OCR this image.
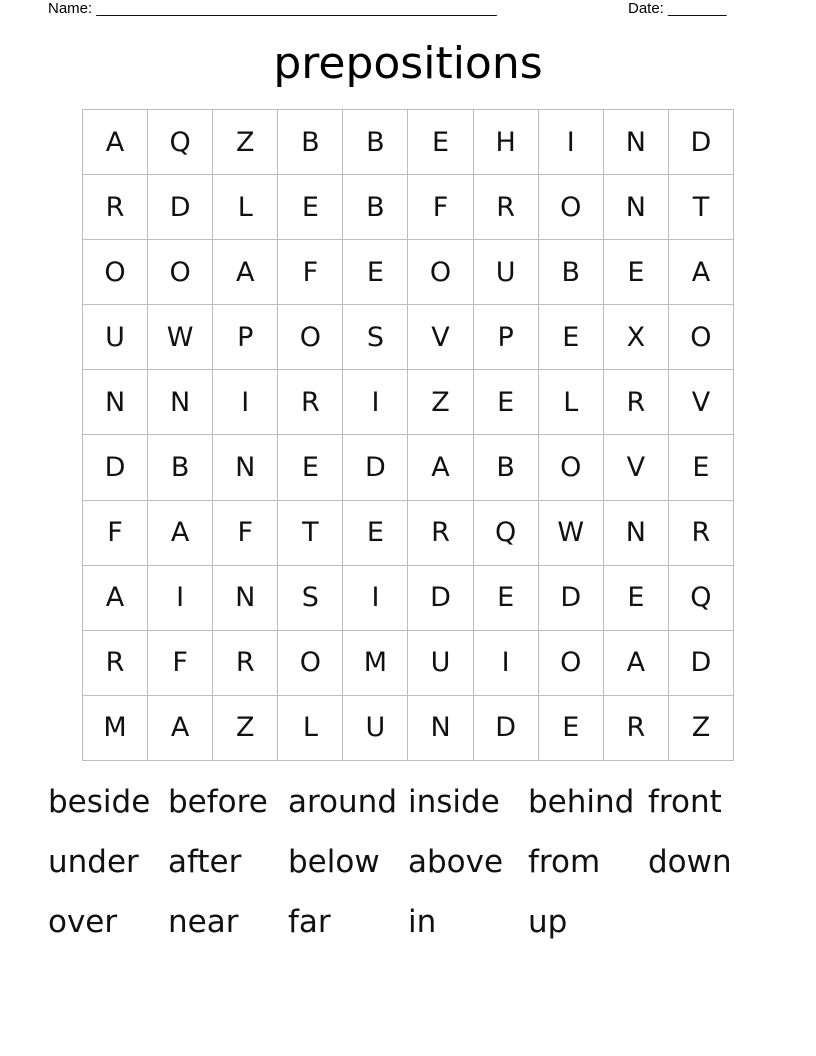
Name: ________________________________________________	Date: _______
prepositions
A	Q	Z	B	B	E	H	I	N	D
R	D	L	E	B	F	R	O	N	T
O	O	A	F	E	O	U	B	E	A
U	W	P	O	S	V	P	E	X	O
N	N	I	R	I	Z	E	L	R	V
D	B	N	E	D	A	B	O	V	E
F	A	F	T	E	R	Q	W	N	R
A	I	N	S	I	D	E	D	E	Q
R	F	R	O	M	U	I	O	A	D
M	A	Z	L	U	N	D	E	R	Z
beside before around inside behind front
under after	below above from	down
over	near	far	in	up
